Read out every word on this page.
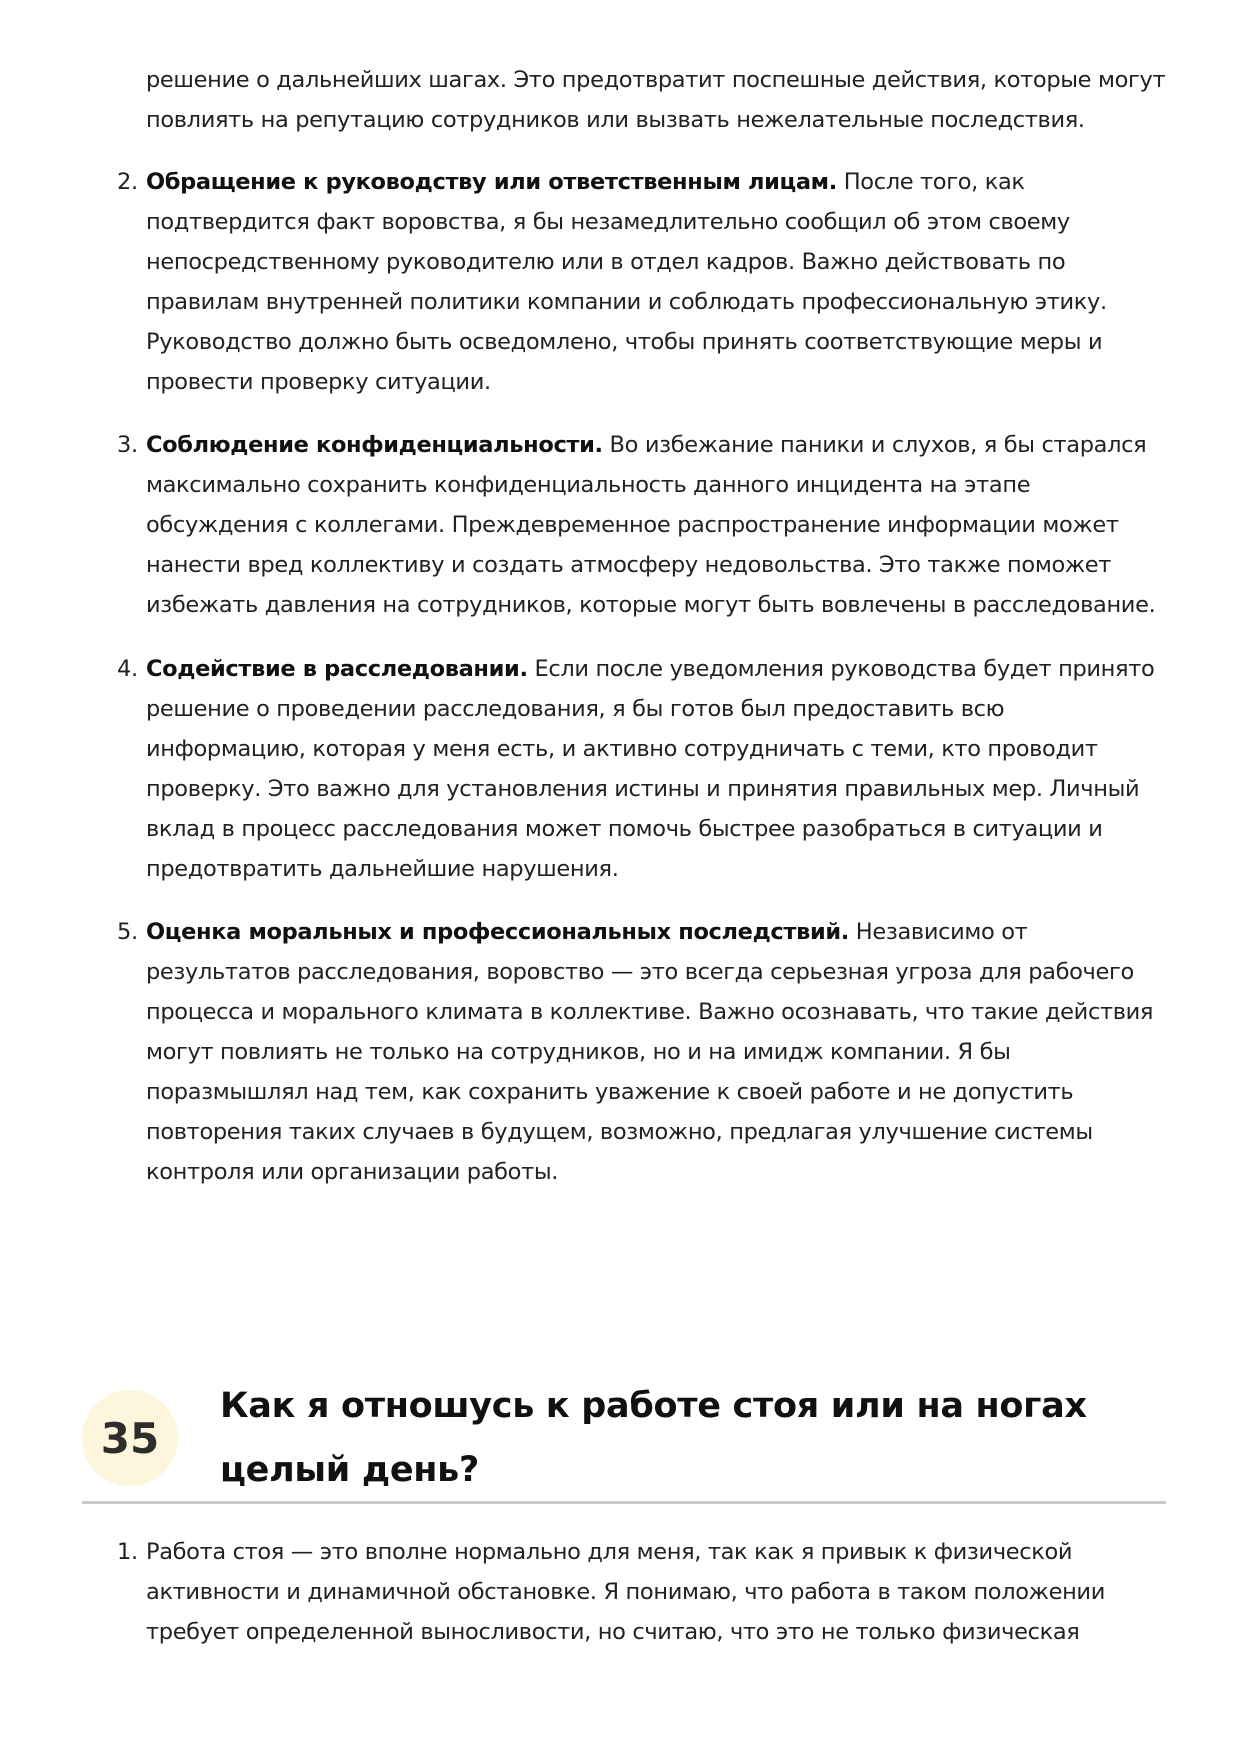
решение о дальнейших шагах. Это предотвратит поспешные действия, которые могут
повлиять на репутацию сотрудников или вызвать нежелательные последствия.
2. Обращение к руководству или ответственным лицам. После того, как подтвердится факт воровства, я бы незамедлительно сообщил об этом своему непосредственному руководителю или в отдел кадров. Важно действовать по правилам внутренней политики компании и соблюдать профессиональную этику. Руководство должно быть осведомлено, чтобы принять соответствующие меры и провести проверку ситуации.
3. Соблюдение конфиденциальности. Во избежание паники и слухов, я бы старался максимально сохранить конфиденциальность данного инцидента на этапе обсуждения с коллегами. Преждевременное распространение информации может нанести вред коллективу и создать атмосферу недовольства. Это также поможет избежать давления на сотрудников, которые могут быть вовлечены в расследование.
4. Содействие в расследовании. Если после уведомления руководства будет принято решение о проведении расследования, я бы готов был предоставить всю информацию, которая у меня есть, и активно сотрудничать с теми, кто проводит проверку. Это важно для установления истины и принятия правильных мер. Личный вклад в процесс расследования может помочь быстрее разобраться в ситуации и предотвратить дальнейшие нарушения.
5. Оценка моральных и профессиональных последствий. Независимо от результатов расследования, воровство — это всегда серьезная угроза для рабочего процесса и морального климата в коллективе. Важно осознавать, что такие действия могут повлиять не только на сотрудников, но и на имидж компании. Я бы поразмышлял над тем, как сохранить уважение к своей работе и не допустить повторения таких случаев в будущем, возможно, предлагая улучшение системы контроля или организации работы.
35
Как я отношусь к работе стоя или на ногах целый день?
1. Работа стоя — это вполне нормально для меня, так как я привык к физической активности и динамичной обстановке. Я понимаю, что работа в таком положении требует определенной выносливости, но считаю, что это не только физическая
